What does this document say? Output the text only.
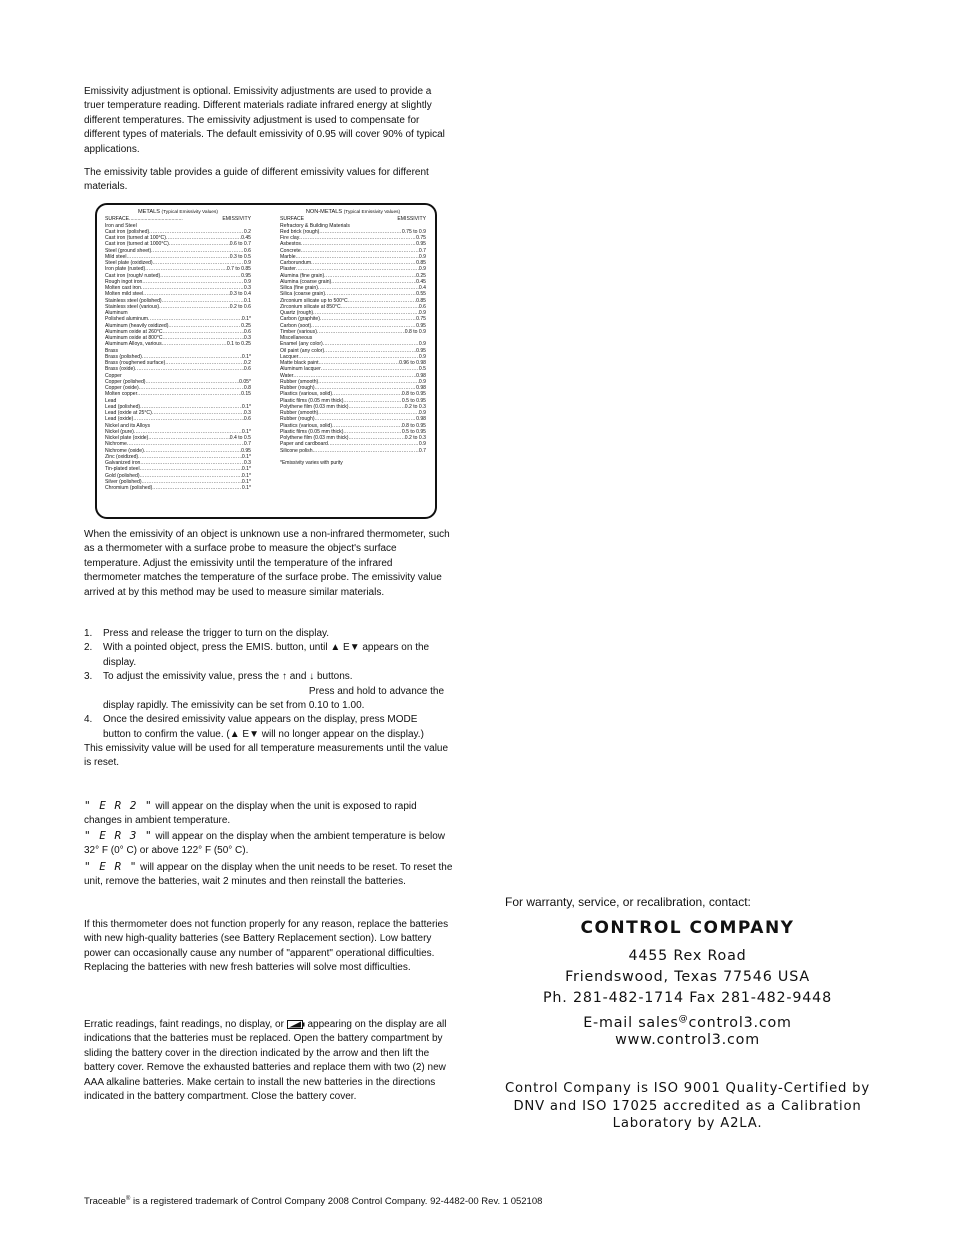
Emissivity adjustment is optional. Emissivity adjustments are used to provide a truer temperature reading. Different materials radiate infrared energy at slightly different temperatures. The emissivity adjustment is used to compensate for different types of materials. The default emissivity of 0.95 will cover 90% of typical applications.

The emissivity table provides a guide of different emissivity values for different materials.

METALS (Typical Emissivity Values)
SURFACE......................................	EMISSIVITY
Iron and Steel
Cast iron (polished) .....	0.2
Cast iron (turned at 100°C) .....	0.45
Cast iron (turned at 1000°C) .....	0.6 to 0.7
Steel (ground sheet) .....	0.6
Mild steel .....	0.3 to 0.5
Steel plate (oxidized) .....	0.9
Iron plate (rusted) .....	0.7 to 0.85
Cast iron (rough/ rusted) .....	0.95
Rough ingot iron .....	0.9
Molten cast iron .....	0.3
Molten mild steel .....	0.3 to 0.4
Stainless steel (polished) .....	0.1
Stainless steel (various) .....	0.2 to 0.6
Aluminum
Polished aluminum .....	0.1*
Aluminum (heavily oxidized) .....	0.25
Aluminum oxide at 260°C .....	0.6
Aluminum oxide at 800°C .....	0.3
Aluminum Alloys, various .....	0.1 to 0.25
Brass
Brass (polished) .....	0.1*
Brass (roughened surface) .....	0.2
Brass (oxide) .....	0.6
Copper
Copper (polished) .....	0.05*
Copper (oxide) .....	0.8
Molten copper .....	0.15
Lead
Lead (polished) .....	0.1*
Lead (oxide at 25°C) .....	0.3
Lead (oxide) .....	0.6
Nickel and its Alloys
Nickel (pure) .....	0.1*
Nickel plate (oxide) .....	0.4 to 0.5
Nichrome .....	0.7
Nichrome (oxide) .....	0.95
Zinc (oxidized) .....	0.1*
Galvanized iron .....	0.3
Tin-plated steel .....	0.1*
Gold (polished) .....	0.1*
Silver (polished) .....	0.1*
Chromium (polished) .....	0.1*
NON-METALS (Typical Emissivity Values)
SURFACE	EMISSIVITY
Refractory & Building Materials
Red brick (rough) .....	0.75 to 0.9
Fire clay .....	0.75
Asbestos .....	0.95
Concrete .....	0.7
Marble .....	0.9
Carborundum .....	0.85
Plaster .....	0.9
Alumina (fine grain) .....	0.25
Alumina (coarse grain) .....	0.45
Silica (fine grain) .....	0.4
Silica (coarse grain) .....	0.55
Zirconium silicate up to 500°C .....	0.85
Zirconium silicate at 850°C .....	0.6
Quartz (rough) .....	0.9
Carbon (graphite) .....	0.75
Carbon (soot) .....	0.95
Timber (various) .....	0.8 to 0.9
Miscellaneous
Enamel (any color) .....	0.9
Oil paint (any color) .....	0.95
Lacquer .....	0.9
Matte black paint .....	0.96 to 0.98
Aluminum lacquer .....	0.5
Water .....	0.98
Rubber (smooth) .....	0.9
Rubber (rough) .....	0.98
Plastics (various, solid) .....	0.8 to 0.95
Plastic films (0.05 mm thick) .....	0.5 to 0.95
Polythene film (0.03 mm thick) .....	0.2 to 0.3
Rubber (smooth) .....	0.9
Rubber (rough) .....	0.98
Plastics (various, solid) .....	0.8 to 0.95
Plastic films (0.05 mm thick) .....	0.5 to 0.95
Polythene film (0.03 mm thick) .....	0.2 to 0.3
Paper and cardboard .....	0.9
Silicone polish .....	0.7
*Emissivity varies with purity

When the emissivity of an object is unknown use a non-infrared thermometer, such as a thermometer with a surface probe to measure the object's surface temperature. Adjust the emissivity until the temperature of the infrared thermometer matches the temperature of the surface probe. The emissivity value arrived at by this method may be used to measure similar materials.

1. Press and release the trigger to turn on the display.
2. With a pointed object, press the EMIS. button, until ▲ E▼ appears on the display.
3. To adjust the emissivity value, press the ↑ and ↓ buttons.

Press and hold to advance the
display rapidly. The emissivity can be set from 0.10 to 1.00.
4. Once the desired emissivity value appears on the display, press MODE button to confirm the value. (▲ E▼ will no longer appear on the display.)

This emissivity value will be used for all temperature measurements until the value is reset.

" E R 2 " will appear on the display when the unit is exposed to rapid changes in ambient temperature.

" E R 3 " will appear on the display when the ambient temperature is below 32° F (0° C) or above 122° F (50° C).

" E R " will appear on the display when the unit needs to be reset. To reset the unit, remove the batteries, wait 2 minutes and then reinstall the batteries.

If this thermometer does not function properly for any reason, replace the batteries with new high-quality batteries (see Battery Replacement section). Low battery power can occasionally cause any number of "apparent" operational difficulties. Replacing the batteries with new fresh batteries will solve most difficulties.

Erratic readings, faint readings, no display, or  appearing on the display are all indications that the batteries must be replaced. Open the battery compartment by sliding the battery cover in the direction indicated by the arrow and then lift the battery cover. Remove the exhausted batteries and replace them with two (2) new AAA alkaline batteries. Make certain to install the new batteries in the directions indicated in the battery compartment. Close the battery cover.

For warranty, service, or recalibration, contact:
CONTROL COMPANY
4455 Rex Road
Friendswood, Texas 77546 USA
Ph. 281-482-1714 Fax 281-482-9448
E-mail sales@control3.com
www.control3.com
Control Company is ISO 9001 Quality-Certified by DNV and ISO 17025 accredited as a Calibration Laboratory by A2LA.
Traceable® is a registered trademark of Control Company 2008 Control Company. 92-4482-00 Rev. 1 052108
